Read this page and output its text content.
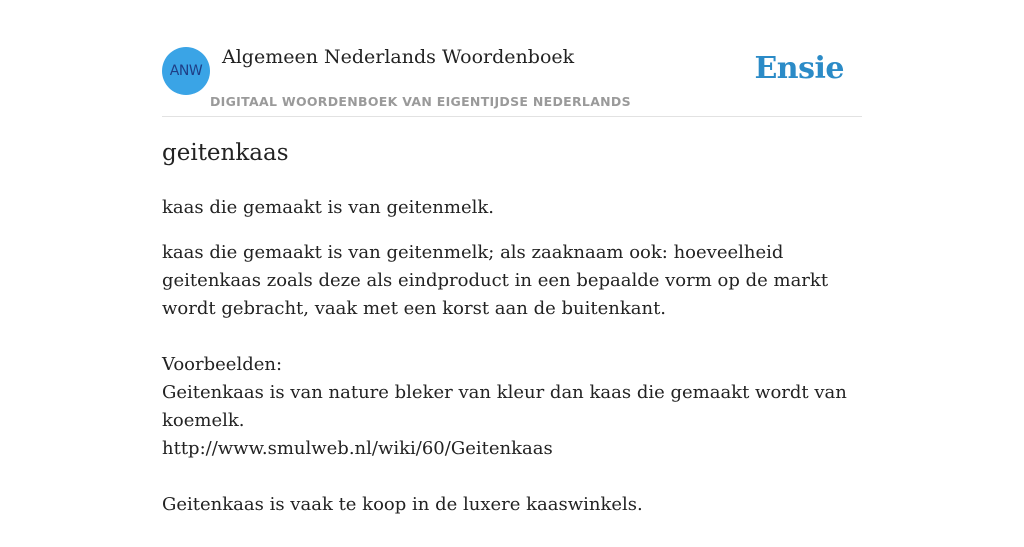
ANW
Algemeen Nederlands Woordenboek
DIGITAAL WOORDENBOEK VAN EIGENTIJDSE NEDERLANDS
Ensie
geitenkaas
kaas die gemaakt is van geitenmelk.
kaas die gemaakt is van geitenmelk; als zaaknaam ook: hoeveelheid geitenkaas zoals deze als eindproduct in een bepaalde vorm op de markt wordt gebracht, vaak met een korst aan de buitenkant.

Voorbeelden:

Geitenkaas is van nature bleker van kleur dan kaas die gemaakt wordt van koemelk.

http://www.smulweb.nl/wiki/60/Geitenkaas

Geitenkaas is vaak te koop in de luxere kaaswinkels.
